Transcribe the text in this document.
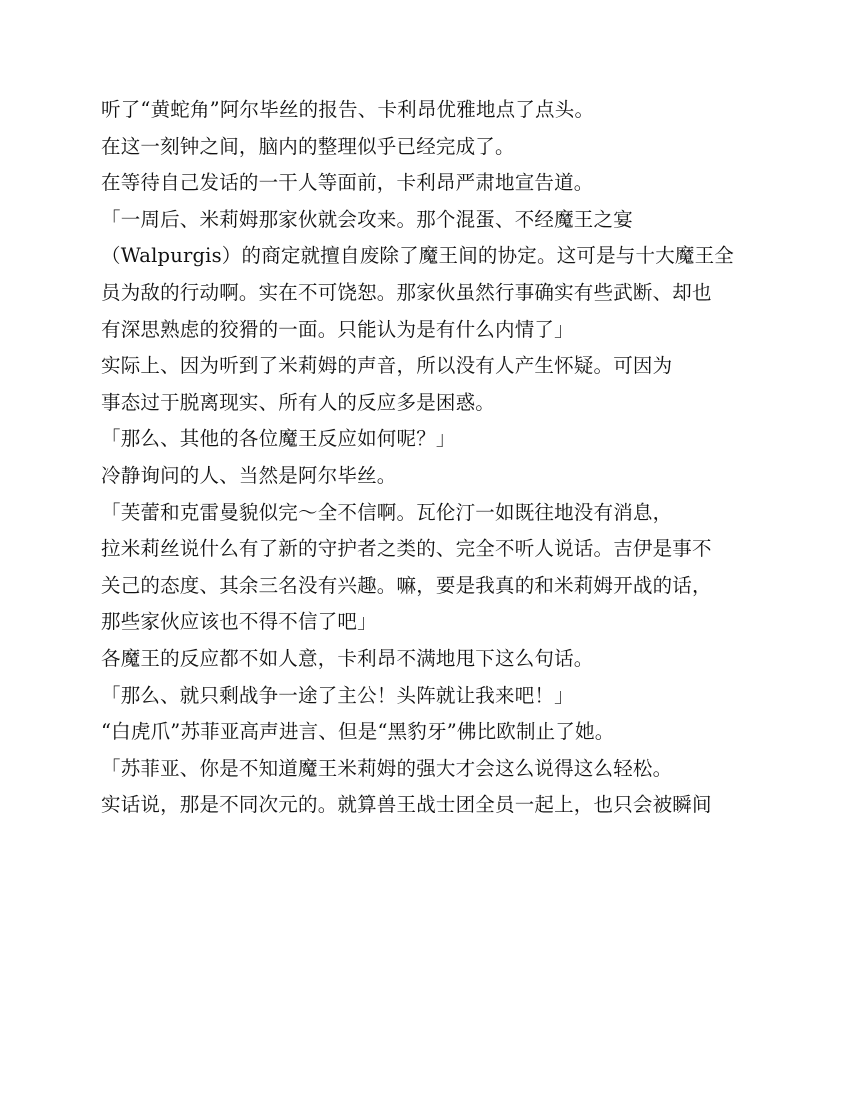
听了“黄蛇角”阿尔毕丝的报告、卡利昂优雅地点了点头。
在这一刻钟之间，脑内的整理似乎已经完成了。
在等待自己发话的一干人等面前，卡利昂严肃地宣告道。
「一周后、米莉姆那家伙就会攻来。那个混蛋、不经魔王之宴
（Walpurgis）的商定就擅自废除了魔王间的协定。这可是与十大魔王全
员为敌的行动啊。实在不可饶恕。那家伙虽然行事确实有些武断、却也
有深思熟虑的狡猾的一面。只能认为是有什么内情了」
实际上、因为听到了米莉姆的声音，所以没有人产生怀疑。可因为
事态过于脱离现实、所有人的反应多是困惑。
「那么、其他的各位魔王反应如何呢？」
冷静询问的人、当然是阿尔毕丝。
「芙蕾和克雷曼貌似完～全不信啊。瓦伦汀一如既往地没有消息，
拉米莉丝说什么有了新的守护者之类的、完全不听人说话。吉伊是事不
关己的态度、其余三名没有兴趣。嘛，要是我真的和米莉姆开战的话，
那些家伙应该也不得不信了吧」
各魔王的反应都不如人意，卡利昂不满地甩下这么句话。
「那么、就只剩战争一途了主公！头阵就让我来吧！」
“白虎爪”苏菲亚高声进言、但是“黑豹牙”佛比欧制止了她。
「苏菲亚、你是不知道魔王米莉姆的强大才会这么说得这么轻松。
实话说，那是不同次元的。就算兽王战士团全员一起上，也只会被瞬间
